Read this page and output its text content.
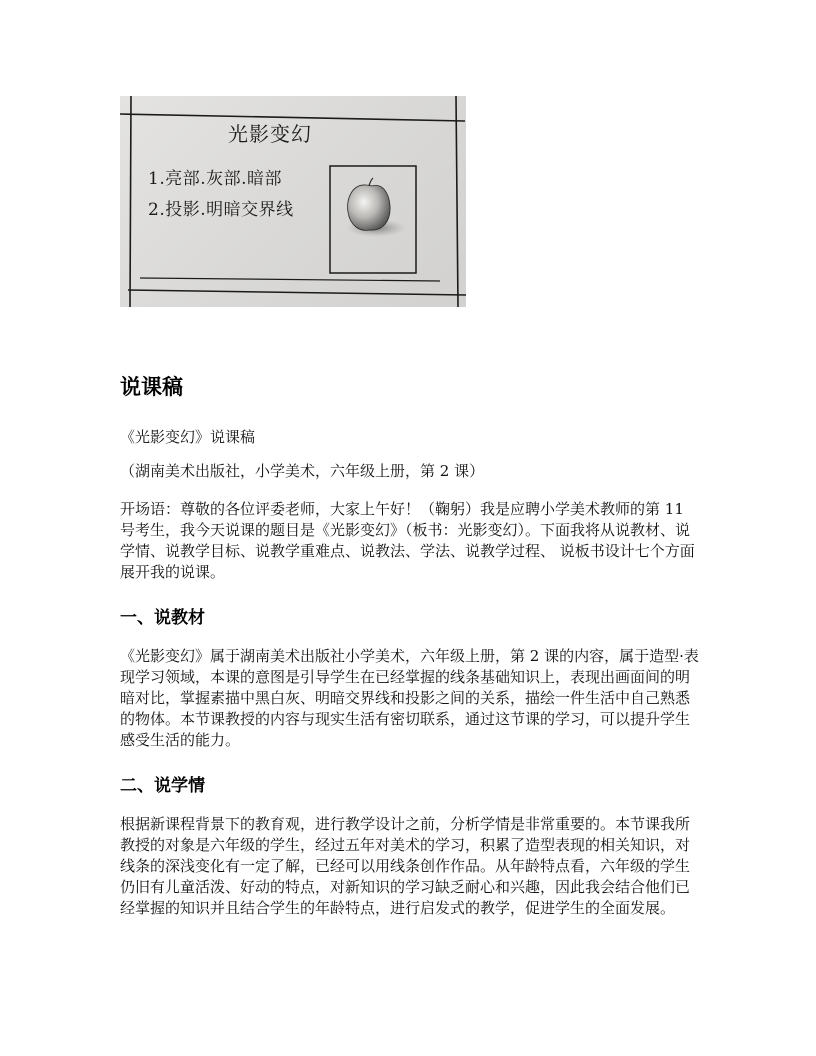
光影变幻
1.亮部.灰部.暗部
2.投影.明暗交界线
说课稿

《光影变幻》说课稿

（湖南美术出版社，小学美术，六年级上册，第 2 课）

开场语：尊敬的各位评委老师，大家上午好！（鞠躬）我是应聘小学美术教师的第 11 号考生，我今天说课的题目是《光影变幻》（板书：光影变幻）。下面我将从说教材、说学情、说教学目标、说教学重难点、说教法、学法、说教学过程、 说板书设计七个方面展开我的说课。

一、说教材

《光影变幻》属于湖南美术出版社小学美术，六年级上册，第 2 课的内容，属于造型·表现学习领域，本课的意图是引导学生在已经掌握的线条基础知识上，表现出画面间的明暗对比，掌握素描中黑白灰、明暗交界线和投影之间的关系，描绘一件生活中自己熟悉的物体。本节课教授的内容与现实生活有密切联系，通过这节课的学习，可以提升学生感受生活的能力。

二、说学情

根据新课程背景下的教育观，进行教学设计之前，分析学情是非常重要的。本节课我所教授的对象是六年级的学生，经过五年对美术的学习，积累了造型表现的相关知识，对线条的深浅变化有一定了解，已经可以用线条创作作品。从年龄特点看，六年级的学生仍旧有儿童活泼、好动的特点，对新知识的学习缺乏耐心和兴趣，因此我会结合他们已经掌握的知识并且结合学生的年龄特点，进行启发式的教学，促进学生的全面发展。
